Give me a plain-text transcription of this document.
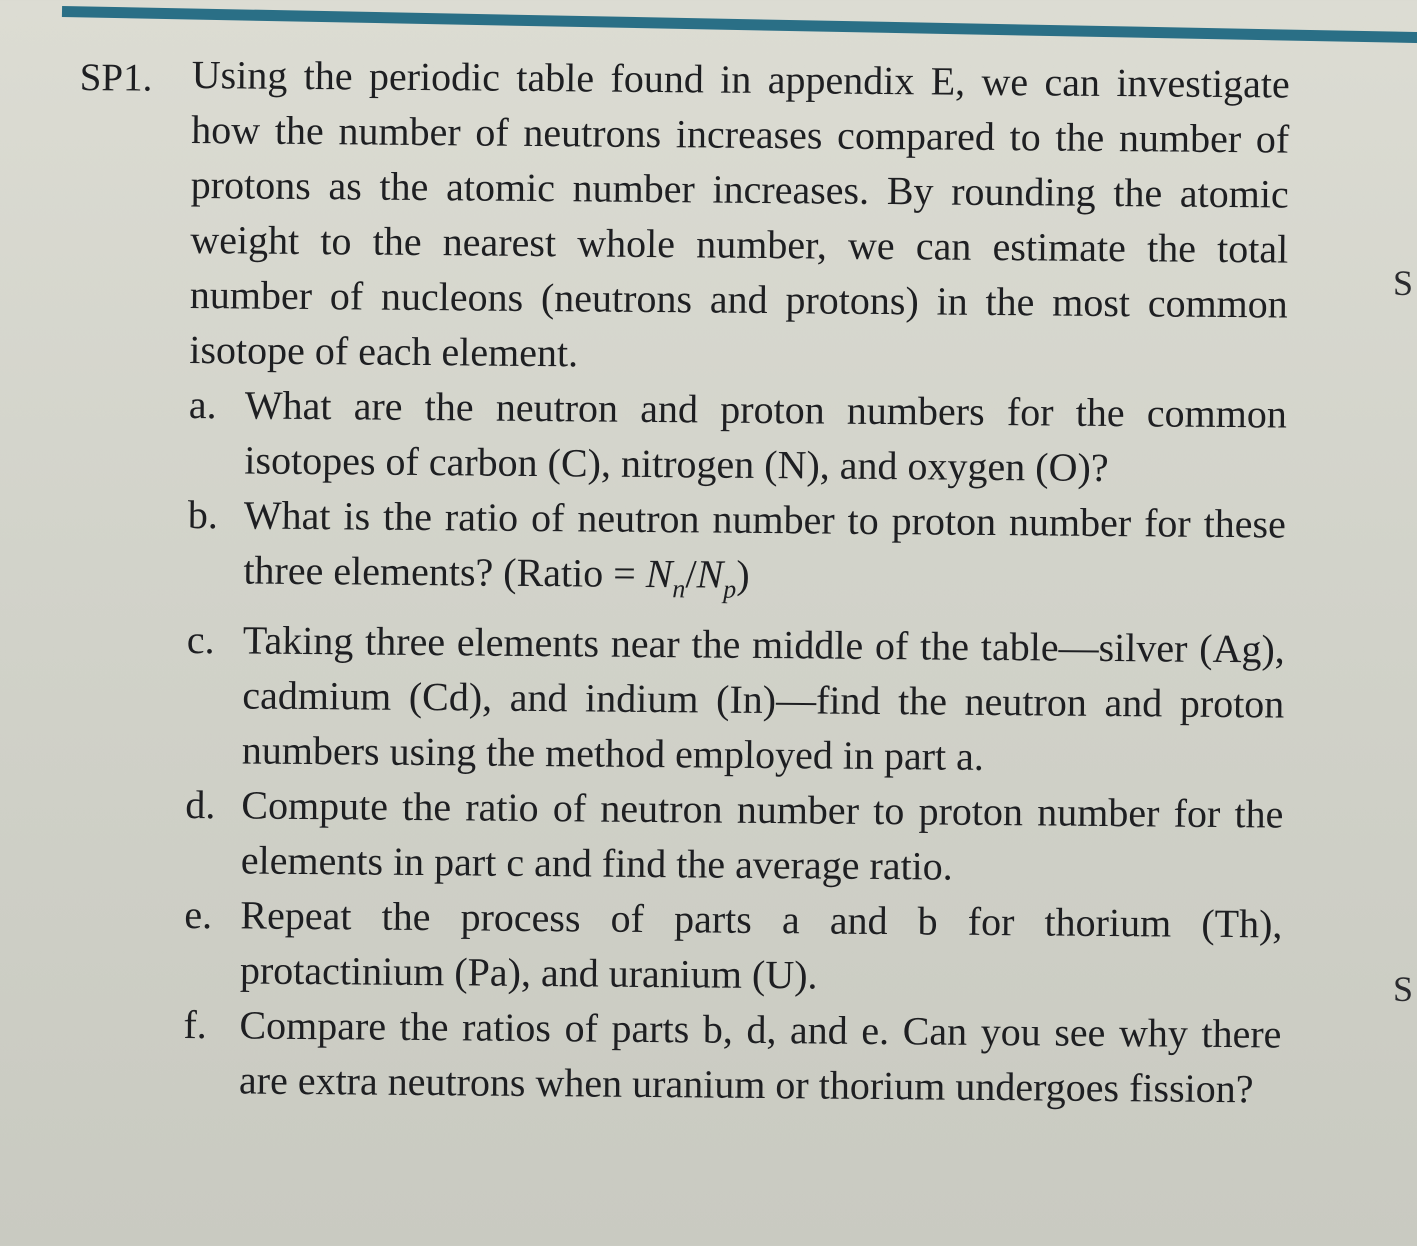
SP1. Using the periodic table found in appendix E, we can investigate how the number of neutrons increases compared to the number of protons as the atomic number increases. By rounding the atomic weight to the nearest whole number, we can estimate the total number of nucleons (neutrons and protons) in the most common isotope of each element.

a. What are the neutron and proton numbers for the common isotopes of carbon (C), nitrogen (N), and oxygen (O)?
b. What is the ratio of neutron number to proton number for these three elements? (Ratio = $N_n/N_p$)
c. Taking three elements near the middle of the table—silver (Ag), cadmium (Cd), and indium (In)—find the neutron and proton numbers using the method employed in part a.
d. Compute the ratio of neutron number to proton number for the elements in part c and find the average ratio.
e. Repeat the process of parts a and b for thorium (Th), protactinium (Pa), and uranium (U).
f. Compare the ratios of parts b, d, and e. Can you see why there are extra neutrons when uranium or thorium undergoes fission?
S
S
